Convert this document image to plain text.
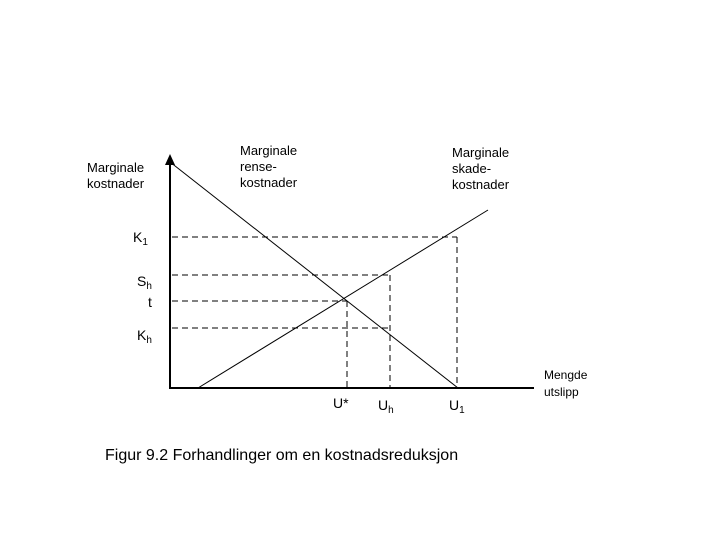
Marginale
kostnader
Mengde
utslipp
Marginale
rense-
kostnader
Marginale
skade-
kostnader
$K_1$
$S_h$
t
$K_h$
U* $U_h$	$U_1$
Figur 9.2 Forhandlinger om en kostnadsreduksjon
